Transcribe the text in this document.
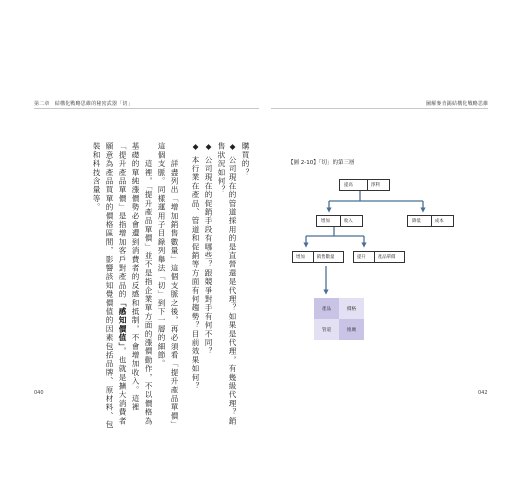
第二章　結構化戰略思維的秘密武器「切」
購買的？
◆ 公司現在的管道採用的是直營還是代理？如果是代理，有幾級代理？銷
售狀況如何？
◆ 公司現在的促銷手段有哪些？跟競爭對手有何不同？
◆ 本行業在產品、管道和促銷等方面有何趨勢？目前效果如何？
　　詳盡列出「增加銷售數量」這個支脈之後，再必須看「提升產品單價」
這個支脈。同樣運用子目錄列舉法「切」到下一層的細節。
　　這裡，「提升產品單價」並不是指企業單方面的漲價動作，不以價格為
基礎的單純漲價勢必會遭到消費者的反感和抵制，不會增加收入。這裡
「提升產品單價」是指增加客戶對產品的「感知價值」，也就是擴大消費者
願意為產品買單的價格區間，影響該知覺價值的因素包括品牌、原材料、包
裝和科技含量等。
040
圖解麥肯錫結構化戰略思維
【圖 2-10】「切」的第三層
提高	淨利
增加	收入	降低	成本
增加	銷售數量	提升	產品單價
產品	價格
管道	推廣
042
